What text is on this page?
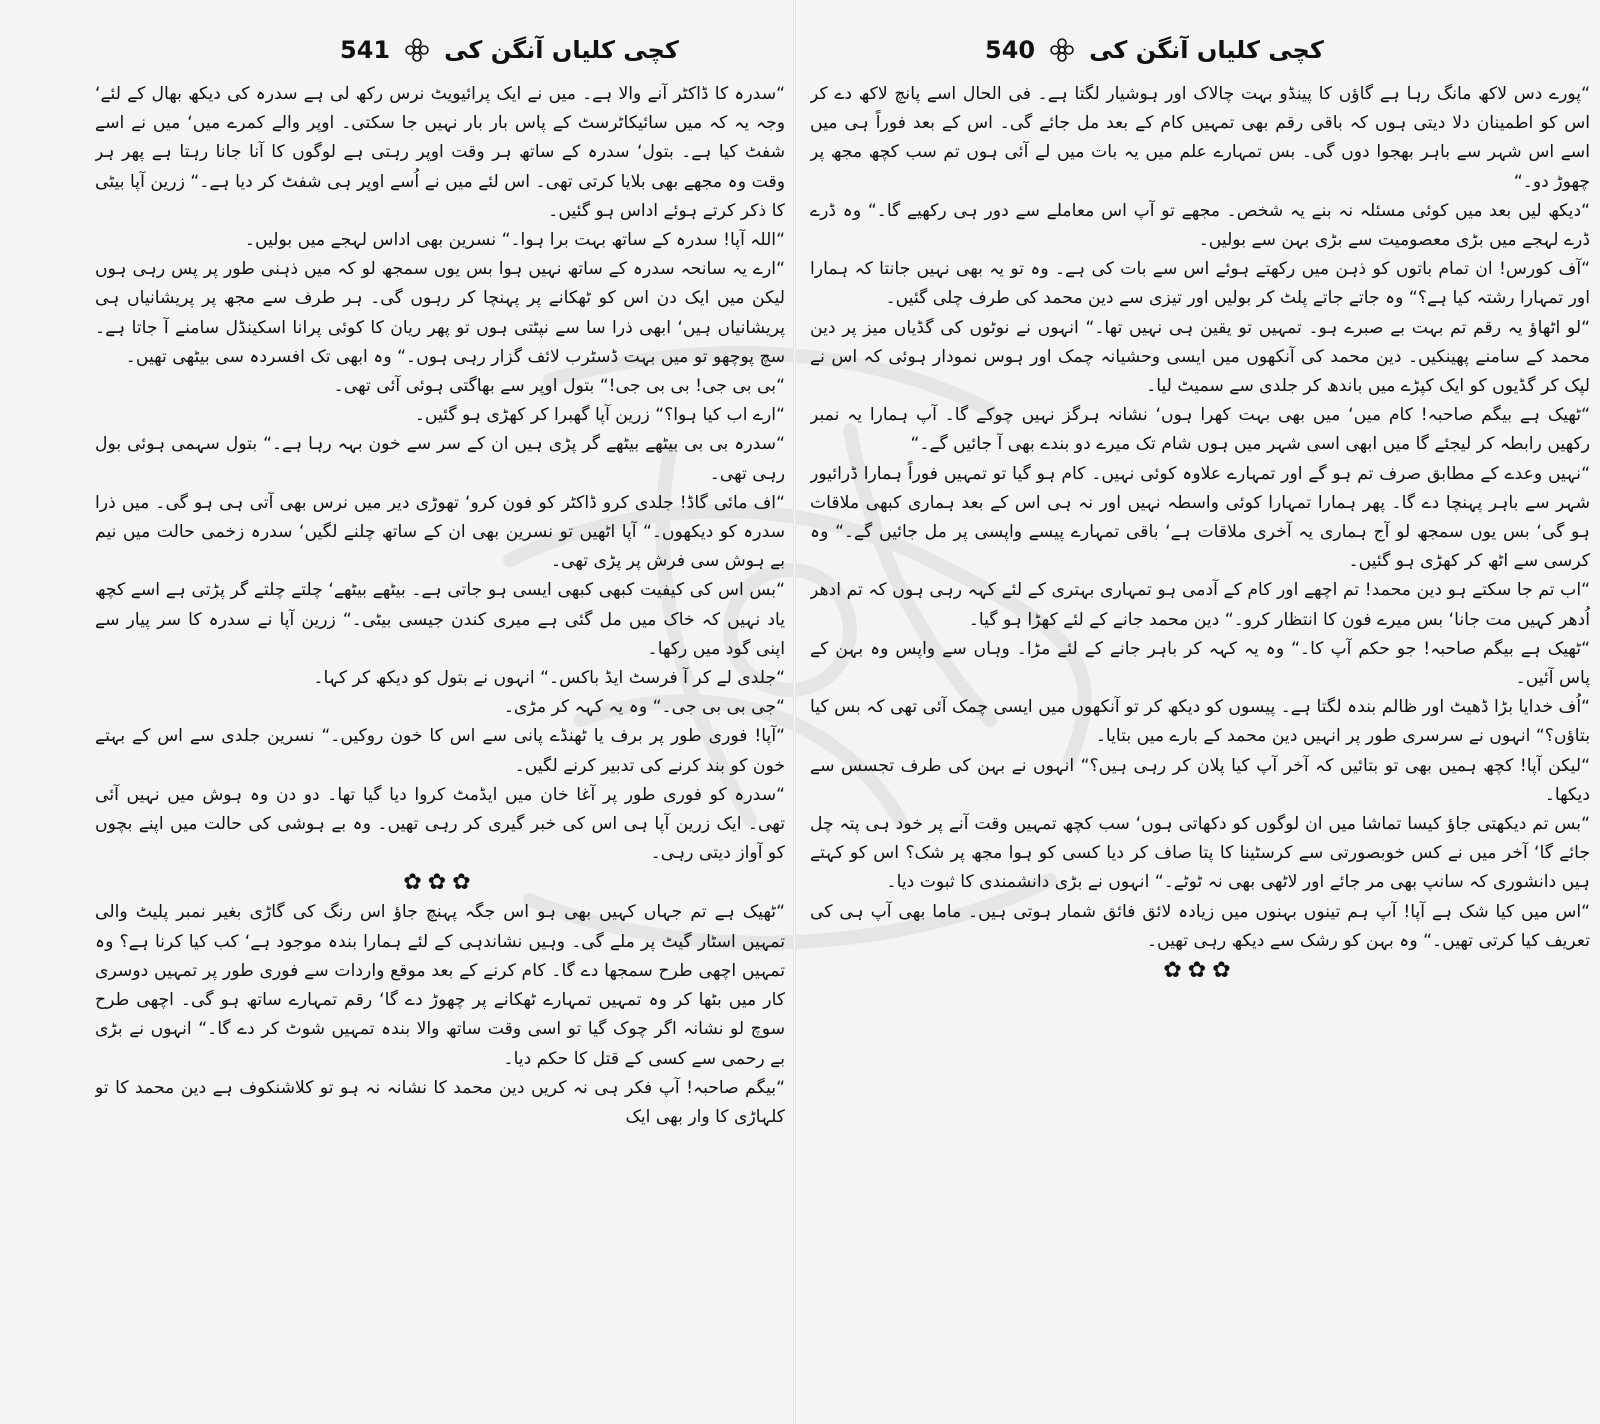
541 کچی کلیاں آنگن کی

“ سدرہ کا ڈاکٹر آنے والا ہے۔ میں نے ایک پرائیویٹ نرس رکھ لی ہے سدرہ کی دیکھ بھال کے لئے‘ وجہ یہ کہ میں سائیکاٹرسٹ کے پاس بار بار نہیں جا سکتی۔ اوپر والے کمرے میں‘ میں نے اسے شفٹ کیا ہے۔ بتول‘ سدرہ کے ساتھ ہر وقت اوپر رہتی ہے لوگوں کا آنا جانا رہتا ہے پھر ہر وقت وہ مجھے بھی بلایا کرتی تھی۔ اس لئے میں نے اُسے اوپر ہی شفٹ کر دیا ہے۔“ زرین آپا بیٹی کا ذکر کرتے ہوئے اداس ہو گئیں۔

“ اللہ آپا! سدرہ کے ساتھ بہت برا ہوا۔“ نسرین بھی اداس لہجے میں بولیں۔

“ ارے یہ سانحہ سدرہ کے ساتھ نہیں ہوا بس یوں سمجھ لو کہ میں ذہنی طور پر پس رہی ہوں لیکن میں ایک دن اس کو ٹھکانے پر پہنچا کر رہوں گی۔ ہر طرف سے مجھ پر پریشانیاں ہی پریشانیاں ہیں‘ ابھی ذرا سا سے نپٹتی ہوں تو پھر ریان کا کوئی پرانا اسکینڈل سامنے آ جاتا ہے۔ سچ پوچھو تو میں بہت ڈسٹرب لائف گزار رہی ہوں۔“ وہ ابھی تک افسردہ سی بیٹھی تھیں۔

“ بی بی جی! بی بی جی!“ بتول اوپر سے بھاگتی ہوئی آئی تھی۔

“ ارے اب کیا ہوا؟“ زرین آپا گھبرا کر کھڑی ہو گئیں۔

“ سدرہ بی بی بیٹھے بیٹھے گر پڑی ہیں ان کے سر سے خون بہہ رہا ہے۔“ بتول سہمی ہوئی بول رہی تھی۔

“ اف مائی گاڈ! جلدی کرو ڈاکٹر کو فون کرو‘ تھوڑی دیر میں نرس بھی آتی ہی ہو گی۔ میں ذرا سدرہ کو دیکھوں۔“ آپا اٹھیں تو نسرین بھی ان کے ساتھ چلنے لگیں‘ سدرہ زخمی حالت میں نیم بے ہوش سی فرش پر پڑی تھی۔

“ بس اس کی کیفیت کبھی کبھی ایسی ہو جاتی ہے۔ بیٹھے بیٹھے‘ چلتے چلتے گر پڑتی ہے اسے کچھ یاد نہیں کہ خاک میں مل گئی ہے میری کندن جیسی بیٹی۔“ زرین آپا نے سدرہ کا سر پیار سے اپنی گود میں رکھا۔

“ جلدی لے کر آ فرسٹ ایڈ باکس۔“ انہوں نے بتول کو دیکھ کر کہا۔

“ جی بی بی جی۔“ وہ یہ کہہ کر مڑی۔

“ آپا! فوری طور پر برف یا ٹھنڈے پانی سے اس کا خون روکیں۔“ نسرین جلدی سے اس کے بہتے خون کو بند کرنے کی تدبیر کرنے لگیں۔

“ سدرہ کو فوری طور پر آغا خان میں ایڈمٹ کروا دیا گیا تھا۔ دو دن وہ ہوش میں نہیں آئی تھی۔ ایک زرین آپا ہی اس کی خبر گیری کر رہی تھیں۔ وہ بے ہوشی کی حالت میں اپنے بچوں کو آواز دیتی رہی۔

✿✿✿

“ ٹھیک ہے تم جہاں کہیں بھی ہو اس جگہ پہنچ جاؤ اس رنگ کی گاڑی بغیر نمبر پلیٹ والی تمہیں اسٹار گیٹ پر ملے گی۔ وہیں نشاندہی کے لئے ہمارا بندہ موجود ہے‘ کب کیا کرنا ہے؟ وہ تمہیں اچھی طرح سمجھا دے گا۔ کام کرنے کے بعد موقع واردات سے فوری طور پر تمہیں دوسری کار میں بٹھا کر وہ تمہیں تمہارے ٹھکانے پر چھوڑ دے گا‘ رقم تمہارے ساتھ ہو گی۔ اچھی طرح سوچ لو نشانہ اگر چوک گیا تو اسی وقت ساتھ والا بندہ تمہیں شوٹ کر دے گا۔“ انہوں نے بڑی بے رحمی سے کسی کے قتل کا حکم دیا۔

“ بیگم صاحبہ! آپ فکر ہی نہ کریں دین محمد کا نشانہ نہ ہو تو کلاشنکوف ہے دین محمد کا تو کلہاڑی کا وار بھی ایک

540 کچی کلیاں آنگن کی

“ پورے دس لاکھ مانگ رہا ہے گاؤں کا پینڈو بہت چالاک اور ہوشیار لگتا ہے۔ فی الحال اسے پانچ لاکھ دے کر اس کو اطمینان دلا دیتی ہوں کہ باقی رقم بھی تمہیں کام کے بعد مل جائے گی۔ اس کے بعد فوراً ہی میں اسے اس شہر سے باہر بھجوا دوں گی۔ بس تمہارے علم میں یہ بات میں لے آئی ہوں تم سب کچھ مجھ پر چھوڑ دو۔“

“ دیکھ لیں بعد میں کوئی مسئلہ نہ بنے یہ شخص۔ مجھے تو آپ اس معاملے سے دور ہی رکھیے گا۔“ وہ ڈرے ڈرے لہجے میں بڑی معصومیت سے بڑی بہن سے بولیں۔

“ آف کورس! ان تمام باتوں کو ذہن میں رکھتے ہوئے اس سے بات کی ہے۔ وہ تو یہ بھی نہیں جانتا کہ ہمارا اور تمہارا رشتہ کیا ہے؟“ وہ جاتے جاتے پلٹ کر بولیں اور تیزی سے دین محمد کی طرف چلی گئیں۔

“ لو اٹھاؤ یہ رقم تم بہت بے صبرے ہو۔ تمہیں تو یقین ہی نہیں تھا۔“ انہوں نے نوٹوں کی گڈیاں میز پر دین محمد کے سامنے پھینکیں۔ دین محمد کی آنکھوں میں ایسی وحشیانہ چمک اور ہوس نمودار ہوئی کہ اس نے لپک کر گڈیوں کو ایک کپڑے میں باندھ کر جلدی سے سمیٹ لیا۔

“ ٹھیک ہے بیگم صاحبہ! کام میں‘ میں بھی بہت کھرا ہوں‘ نشانہ ہرگز نہیں چوکے گا۔ آپ ہمارا یہ نمبر رکھیں رابطہ کر لیجئے گا میں ابھی اسی شہر میں ہوں شام تک میرے دو بندے بھی آ جائیں گے۔“

“ نہیں وعدے کے مطابق صرف تم ہو گے اور تمہارے علاوہ کوئی نہیں۔ کام ہو گیا تو تمہیں فوراً ہمارا ڈرائیور شہر سے باہر پہنچا دے گا۔ پھر ہمارا تمہارا کوئی واسطہ نہیں اور نہ ہی اس کے بعد ہماری کبھی ملاقات ہو گی‘ بس یوں سمجھ لو آج ہماری یہ آخری ملاقات ہے‘ باقی تمہارے پیسے واپسی پر مل جائیں گے۔“ وہ کرسی سے اٹھ کر کھڑی ہو گئیں۔

“ اب تم جا سکتے ہو دین محمد! تم اچھے اور کام کے آدمی ہو تمہاری بہتری کے لئے کہہ رہی ہوں کہ تم ادھر اُدھر کہیں مت جانا‘ بس میرے فون کا انتظار کرو۔“ دین محمد جانے کے لئے کھڑا ہو گیا۔

“ ٹھیک ہے بیگم صاحبہ! جو حکم آپ کا۔“ وہ یہ کہہ کر باہر جانے کے لئے مڑا۔ وہاں سے واپس وہ بہن کے پاس آئیں۔

“ اُف خدایا بڑا ڈھیٹ اور ظالم بندہ لگتا ہے۔ پیسوں کو دیکھ کر تو آنکھوں میں ایسی چمک آئی تھی کہ بس کیا بتاؤں؟“ انہوں نے سرسری طور پر انہیں دین محمد کے بارے میں بتایا۔

“ لیکن آپا! کچھ ہمیں بھی تو بتائیں کہ آخر آپ کیا پلان کر رہی ہیں؟“ انہوں نے بہن کی طرف تجسس سے دیکھا۔

“ بس تم دیکھتی جاؤ کیسا تماشا میں ان لوگوں کو دکھاتی ہوں‘ سب کچھ تمہیں وقت آنے پر خود ہی پتہ چل جائے گا‘ آخر میں نے کس خوبصورتی سے کرسٹینا کا پتا صاف کر دیا کسی کو ہوا مجھ پر شک؟ اس کو کہتے ہیں دانشوری کہ سانپ بھی مر جائے اور لاٹھی بھی نہ ٹوٹے۔“ انہوں نے بڑی دانشمندی کا ثبوت دیا۔

“ اس میں کیا شک ہے آپا! آپ ہم تینوں بہنوں میں زیادہ لائق فائق شمار ہوتی ہیں۔ ماما بھی آپ ہی کی تعریف کیا کرتی تھیں۔“ وہ بہن کو رشک سے دیکھ رہی تھیں۔

✿✿✿
